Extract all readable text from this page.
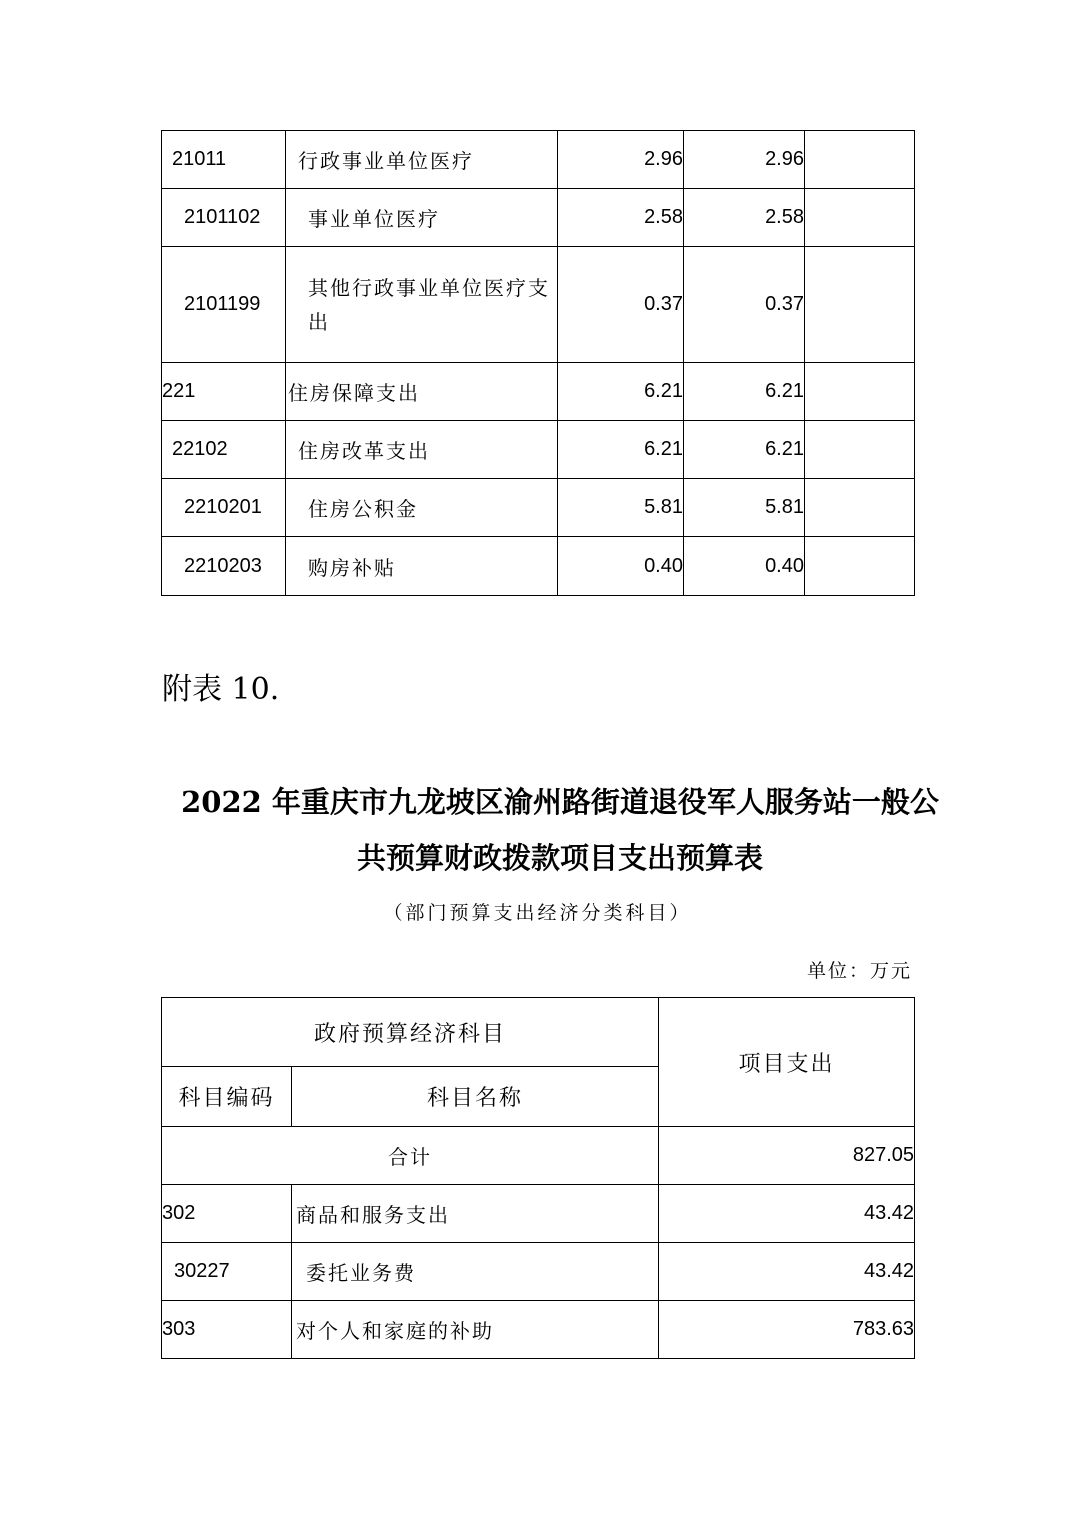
21011	行政事业单位医疗	2.96	2.96	
2101102	事业单位医疗	2.58	2.58	
2101199	其他行政事业单位医疗支出	0.37	0.37	
221	住房保障支出	6.21	6.21	
22102	住房改革支出	6.21	6.21	
2210201	住房公积金	5.81	5.81	
2210203	购房补贴	0.40	0.40	
附表 10.
2022 年重庆市九龙坡区渝州路街道退役军人服务站一般公
共预算财政拨款项目支出预算表
（部门预算支出经济分类科目）
单位：万元
政府预算经济科目		项目支出
科目编码	科目名称	
合计		827.05
302	商品和服务支出	43.42
30227	委托业务费	43.42
303	对个人和家庭的补助	783.63
